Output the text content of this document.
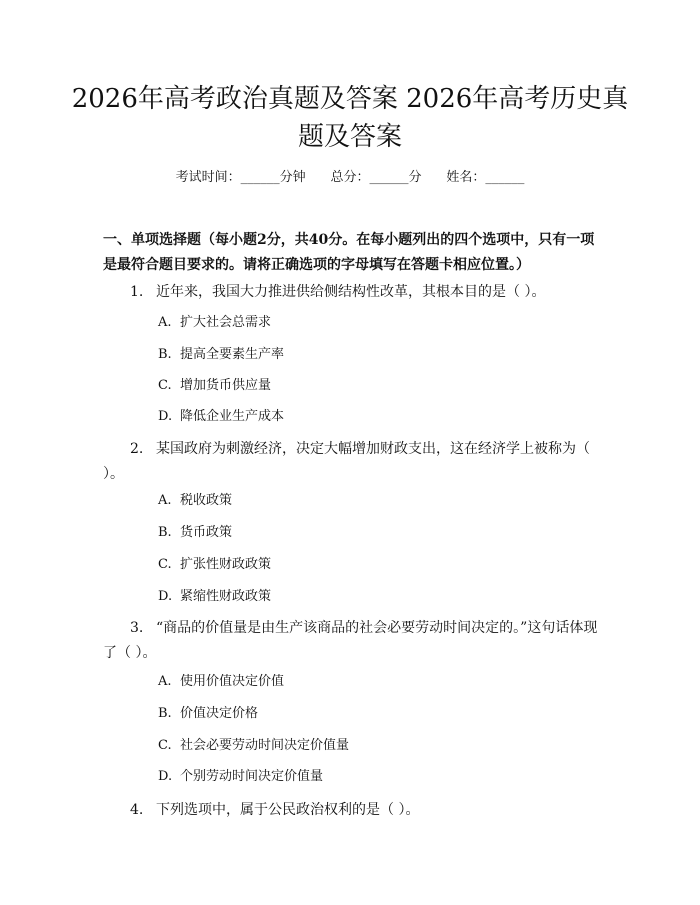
2026年高考政治真题及答案 2026年高考历史真题及答案
考试时间：______分钟 总分：______分 姓名：______
一、单项选择题（每小题2分，共40分。在每小题列出的四个选项中，只有一项是最符合题目要求的。请将正确选项的字母填写在答题卡相应位置。）
1. 近年来，我国大力推进供给侧结构性改革，其根本目的是（ ）。
A. 扩大社会总需求
B. 提高全要素生产率
C. 增加货币供应量
D. 降低企业生产成本
2. 某国政府为刺激经济，决定大幅增加财政支出，这在经济学上被称为（ ）。
A. 税收政策
B. 货币政策
C. 扩张性财政政策
D. 紧缩性财政政策
3. “商品的价值量是由生产该商品的社会必要劳动时间决定的。”这句话体现了（ ）。
A. 使用价值决定价值
B. 价值决定价格
C. 社会必要劳动时间决定价值量
D. 个别劳动时间决定价值量
4. 下列选项中，属于公民政治权利的是（ ）。
